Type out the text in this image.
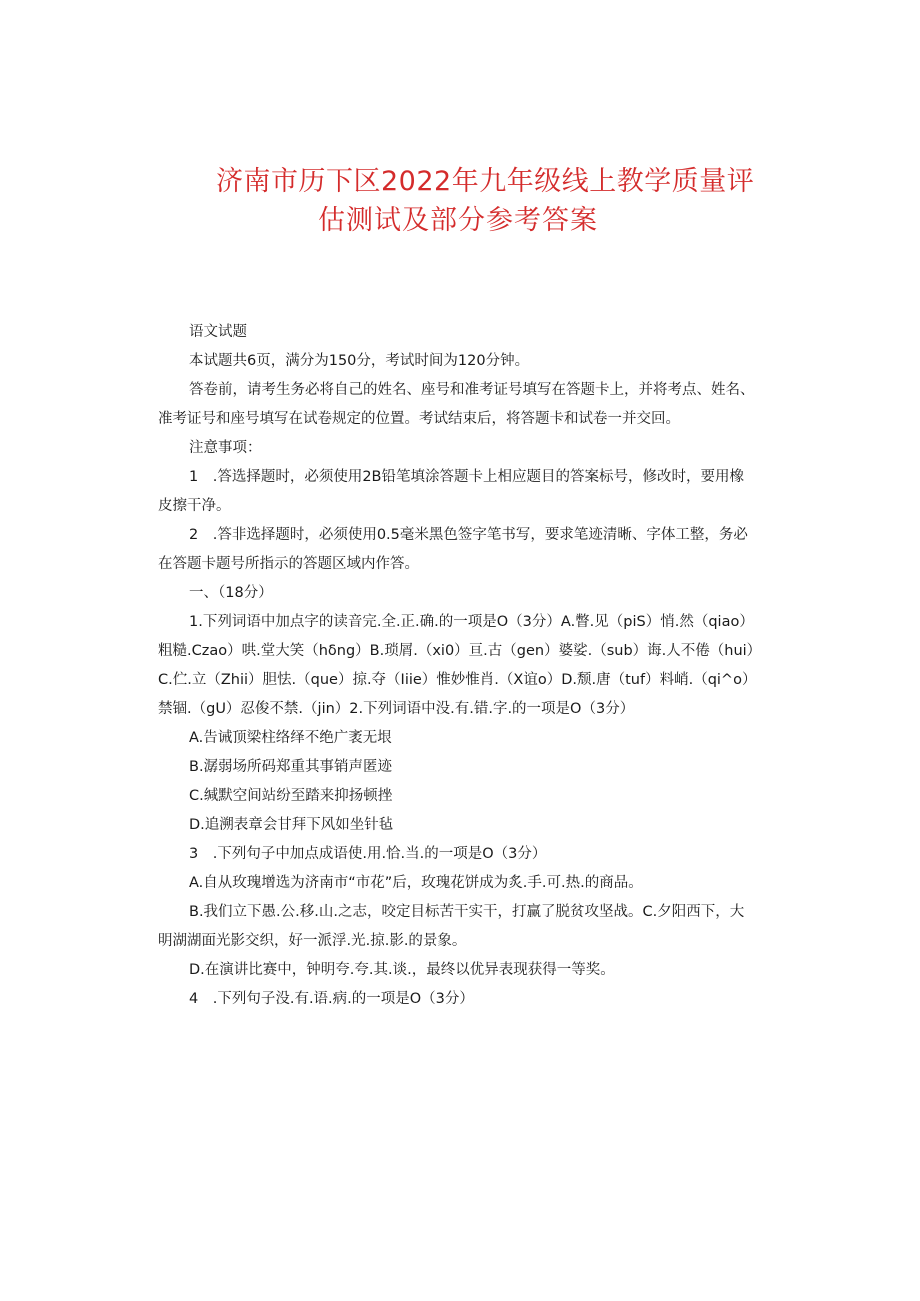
济南市历下区2022年九年级线上教学质量评
估测试及部分参考答案

语文试题

本试题共6页，满分为150分，考试时间为120分钟。

答卷前，请考生务必将自己的姓名、座号和准考证号填写在答题卡上，并将考点、姓名、准考证号和座号填写在试卷规定的位置。考试结束后，将答题卡和试卷一并交回。

注意事项：

1　.答选择题时，必须使用2B铅笔填涂答题卡上相应题目的答案标号，修改时，要用橡皮擦干净。

2　.答非选择题时，必须使用0.5毫米黑色签字笔书写，要求笔迹清晰、字体工整，务必在答题卡题号所指示的答题区域内作答。

一、（18分）

1.下列词语中加点字的读音完.全.正.确.的一项是O（3分）A.瞥.见（piS）悄.然（qiao）粗糙.Czao）哄.堂大笑（hδng）B.琐屑.（xi0）亘.古（gen）婆娑.（sub）诲.人不倦（hui）C.伫.立（Zhii）胆怯.（que）掠.夺（Iiie）惟妙惟肖.（X谊o）D.颓.唐（tuf）料峭.（qi^o）禁锢.（gU）忍俊不禁.（jin）2.下列词语中没.有.错.字.的一项是O（3分）

A.告诫顶梁柱络绎不绝广袤无垠

B.潺弱场所码郑重其事销声匿迹

C.缄默空间站纷至踏来抑扬顿挫

D.追溯表章会甘拜下风如坐针毡

3　.下列句子中加点成语使.用.恰.当.的一项是O（3分）

A.自从玫瑰增选为济南市“市花”后，玫瑰花饼成为炙.手.可.热.的商品。

B.我们立下愚.公.移.山.之志，咬定目标苦干实干，打赢了脱贫攻坚战。C.夕阳西下，大明湖湖面光影交织，好一派浮.光.掠.影.的景象。

D.在演讲比赛中，钟明夸.夸.其.谈.，最终以优异表现获得一等奖。

4　.下列句子没.有.语.病.的一项是O（3分）
